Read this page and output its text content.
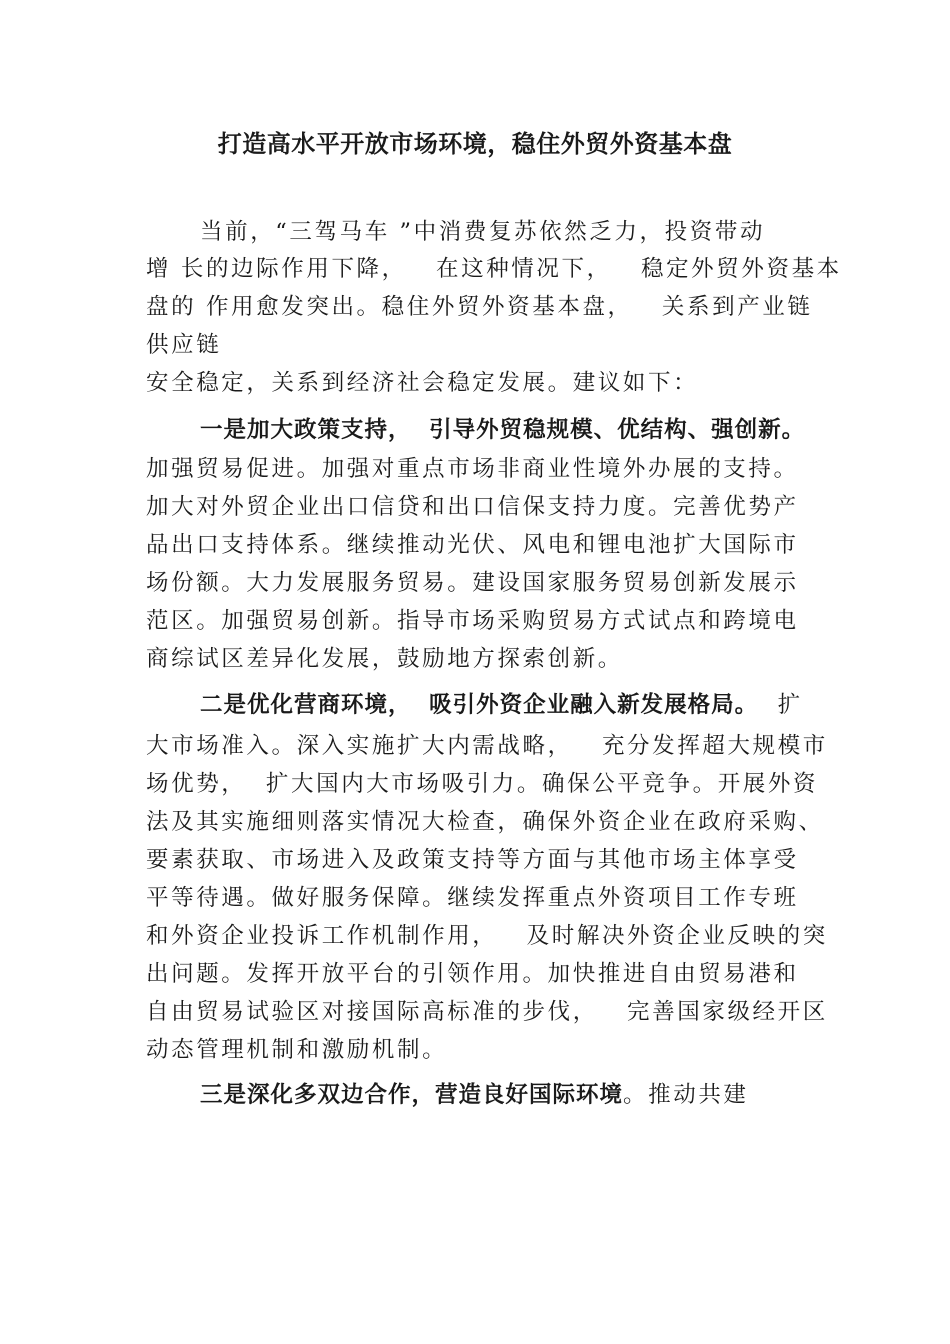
打造高水平开放市场环境，稳住外贸外资基本盘
当前，“三驾马车 ”中消费复苏依然乏力，投资带动
增 长的边际作用下降，   在这种情况下，   稳定外贸外资基本
盘的 作用愈发突出。稳住外贸外资基本盘，   关系到产业链
供应链
安全稳定，关系到经济社会稳定发展。建议如下：
一是加大政策支持，  引导外贸稳规模、优结构、强创新。
加强贸易促进。加强对重点市场非商业性境外办展的支持。
加大对外贸企业出口信贷和出口信保支持力度。完善优势产
品出口支持体系。继续推动光伏、风电和锂电池扩大国际市
场份额。大力发展服务贸易。建设国家服务贸易创新发展示
范区。加强贸易创新。指导市场采购贸易方式试点和跨境电
商综试区差异化发展，鼓励地方探索创新。
二是优化营商环境，  吸引外资企业融入新发展格局。  扩
大市场准入。深入实施扩大内需战略，   充分发挥超大规模市
场优势，  扩大国内大市场吸引力。确保公平竞争。开展外资
法及其实施细则落实情况大检查，确保外资企业在政府采购、
要素获取、市场进入及政策支持等方面与其他市场主体享受
平等待遇。做好服务保障。继续发挥重点外资项目工作专班
和外资企业投诉工作机制作用，   及时解决外资企业反映的突
出问题。发挥开放平台的引领作用。加快推进自由贸易港和
自由贸易试验区对接国际高标准的步伐，   完善国家级经开区
动态管理机制和激励机制。
三是深化多双边合作，营造良好国际环境。推动共建
